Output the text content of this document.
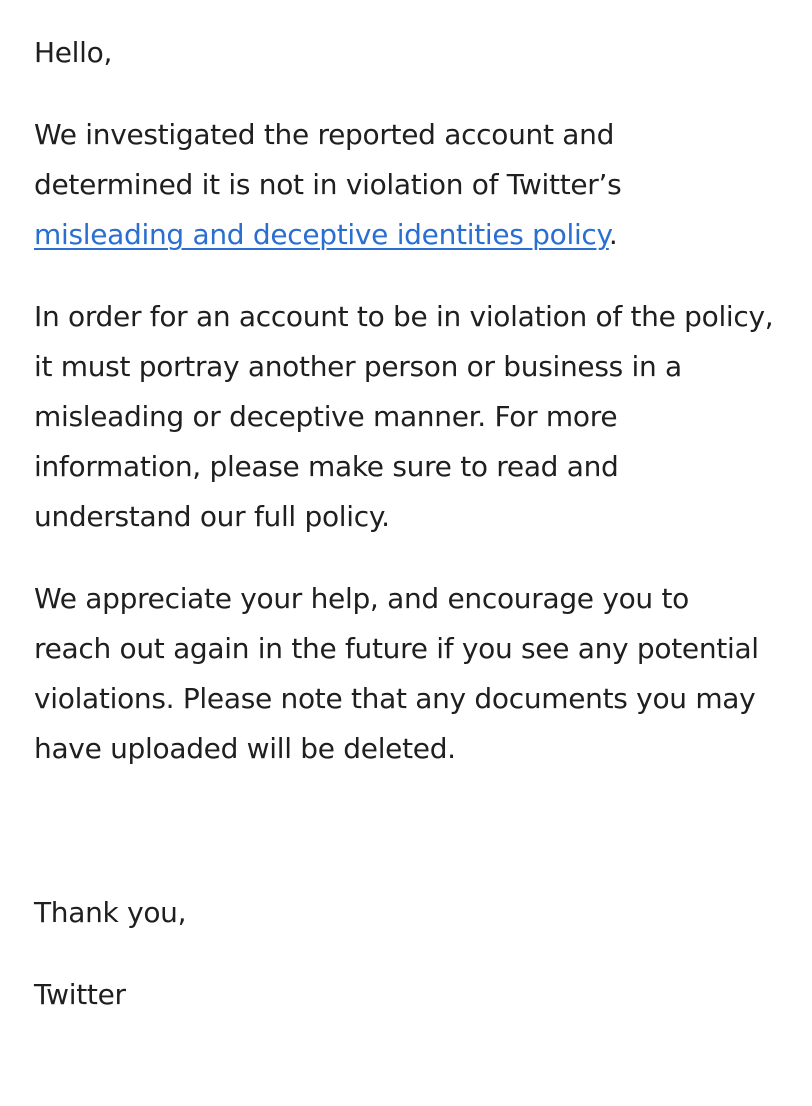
Hello,

We investigated the reported account and determined it is not in violation of Twitter’s misleading and deceptive identities policy.

In order for an account to be in violation of the policy, it must portray another person or business in a misleading or deceptive manner. For more information, please make sure to read and understand our full policy.

We appreciate your help, and encourage you to reach out again in the future if you see any potential violations. Please note that any documents you may have uploaded will be deleted.

Thank you,

Twitter
